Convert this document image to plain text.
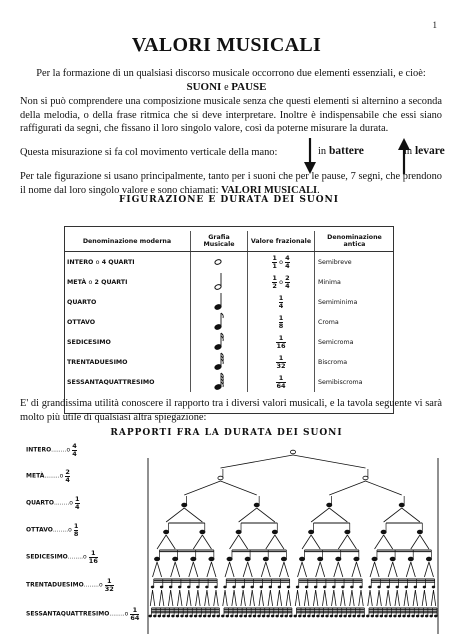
1
VALORI MUSICALI
Per la formazione di un qualsiasi discorso musicale occorrono due elementi essenziali, e cioè:
SUONI e PAUSE
Non si può comprendere una composizione musicale senza che questi elementi si alternino a seconda della melodia, o della frase ritmica che si deve interpretare. Inoltre è indispensabile che essi siano raffigurati da segni, che fissano il loro singolo valore, così da poterne misurare la durata.
Questa misurazione si fa col movimento verticale della mano:	in battere	in levare
Per tale figurazione si usano principalmente, tanto per i suoni che per le pause, 7 segni, che prendono il nome dal loro singolo valore e sono chiamati: VALORI MUSICALI.
FIGURAZIONE E DURATA DEI SUONI
Denominazione moderna	Grafia Musicale	Valore frazionale	Denominazione antica
INTERO o 4 QUARTI		$\frac{1}{1}$ o $\frac{4}{4}$	Semibreve
METÀ o 2 QUARTI		$\frac{1}{2}$ o $\frac{2}{4}$	Minima
QUARTO		$\frac{1}{4}$	Semiminima
OTTAVO		$\frac{1}{8}$	Croma
SEDICESIMO		$\frac{1}{16}$	Semicroma
TRENTADUESIMO		$\frac{1}{32}$	Biscroma
SESSANTAQUATTRESIMO		$\frac{1}{64}$	Semibiscroma
E' di grandissima utilità conoscere il rapporto tra i diversi valori musicali, e la tavola seguente vi sarà molto più utile di qualsiasi altra spiegazione:
RAPPORTI FRA LA DURATA DEI SUONI
INTERO........o $\frac{4}{4}$
METÀ........o $\frac{2}{4}$
QUARTO........o $\frac{1}{4}$
OTTAVO........o $\frac{1}{8}$
SEDICESIMO........o $\frac{1}{16}$
TRENTADUESIMO........o $\frac{1}{32}$
SESSANTAQUATTRESIMO........o $\frac{1}{64}$
